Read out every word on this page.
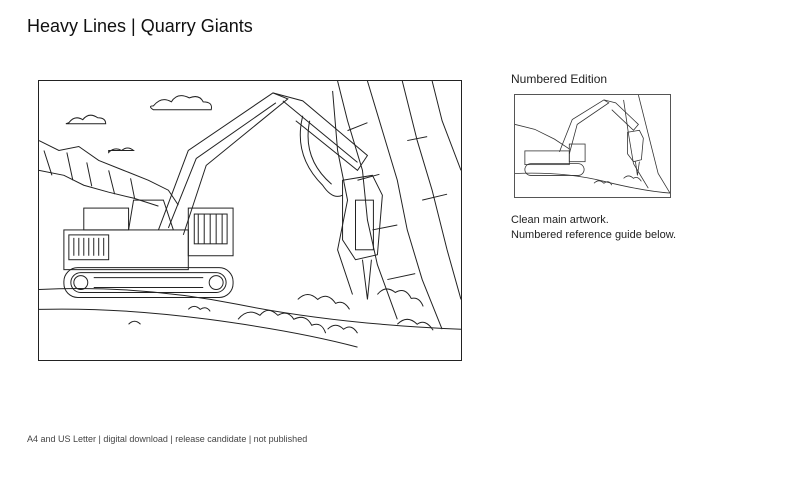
Heavy Lines | Quarry Giants
Numbered Edition
Clean main artwork.
Numbered reference guide below.
A4 and US Letter | digital download | release candidate | not published
